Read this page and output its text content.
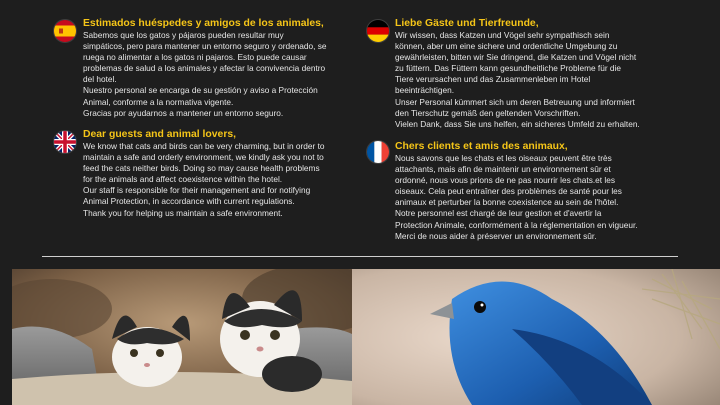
Estimados huéspedes y amigos de los animales,

Sabemos que los gatos y pájaros pueden resultar muy

simpáticos, pero para mantener un entorno seguro y ordenado, se

ruega no alimentar a los gatos ni pajaros. Esto puede causar

problemas de salud a los animales y afectar la convivencia dentro

del hotel.

Nuestro personal se encarga de su gestión y aviso a Protección

Animal, conforme a la normativa vigente.

Gracias por ayudarnos a mantener un entorno seguro.

Dear guests and animal lovers,

We know that cats and birds can be very charming, but in order to

maintain a safe and orderly environment, we kindly ask you not to

feed the cats neither birds. Doing so may cause health problems

for the animals and affect coexistence within the hotel.

Our staff is responsible for their management and for notifying

Animal Protection, in accordance with current regulations.

Thank you for helping us maintain a safe environment.

Liebe Gäste und Tierfreunde,

Wir wissen, dass Katzen und Vögel sehr sympathisch sein

können, aber um eine sichere und ordentliche Umgebung zu

gewährleisten, bitten wir Sie dringend, die Katzen und Vögel nicht

zu füttern. Das Füttern kann gesundheitliche Probleme für die

Tiere verursachen und das Zusammenleben im Hotel

beeinträchtigen.

Unser Personal kümmert sich um deren Betreuung und informiert

den Tierschutz gemäß den geltenden Vorschriften.

Vielen Dank, dass Sie uns helfen, ein sicheres Umfeld zu erhalten.

Chers clients et amis des animaux,

Nous savons que les chats et les oiseaux peuvent être très

attachants, mais afin de maintenir un environnement sûr et

ordonné, nous vous prions de ne pas nourrir les chats.et les

oiseaux. Cela peut entraîner des problèmes de santé pour les

animaux et perturber la bonne coexistence au sein de l'hôtel.

Notre personnel est chargé de leur gestion et d'avertir la

Protection Animale, conformément à la réglementation en vigueur.

Merci de nous aider à préserver un environnement sûr.
